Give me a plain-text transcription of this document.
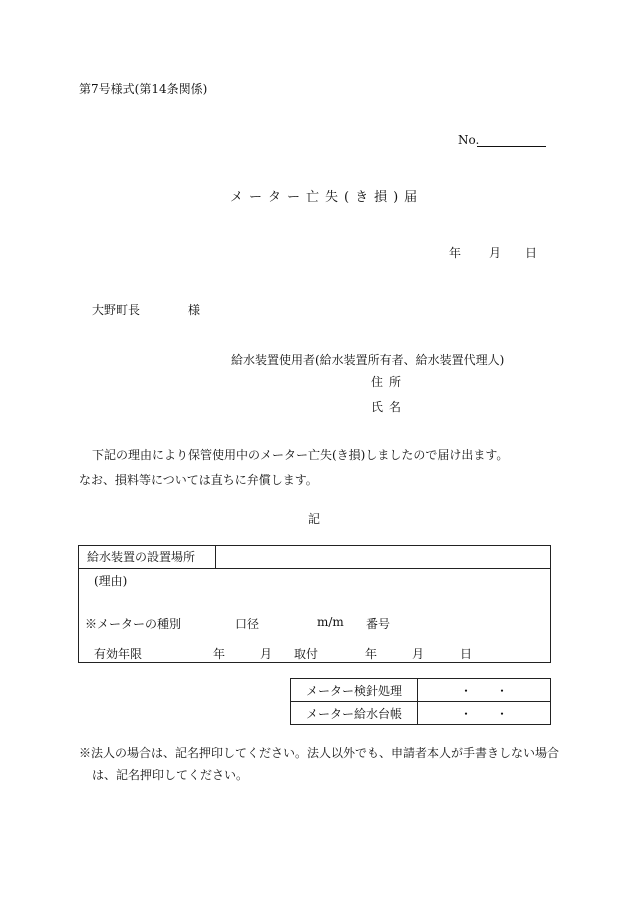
第7号様式(第14条関係)
No.
メーター亡失(き損)届
年 月 日
大野町長	様
給水装置使用者(給水装置所有者、給水装置代理人)
住所
氏名
下記の理由により保管使用中のメーター亡失(き損)しましたので届け出ます。
なお、損料等については直ちに弁償します。
記
給水装置の設置場所	

(理由)
※メーターの種別	口径	m/m 番号
有効年限	年	月 取付	年	月	日
メーター検針処理	・ ・
メーター給水台帳	・ ・
※法人の場合は、記名押印してください。法人以外でも、申請者本人が手書きしない場合
は、記名押印してください。
